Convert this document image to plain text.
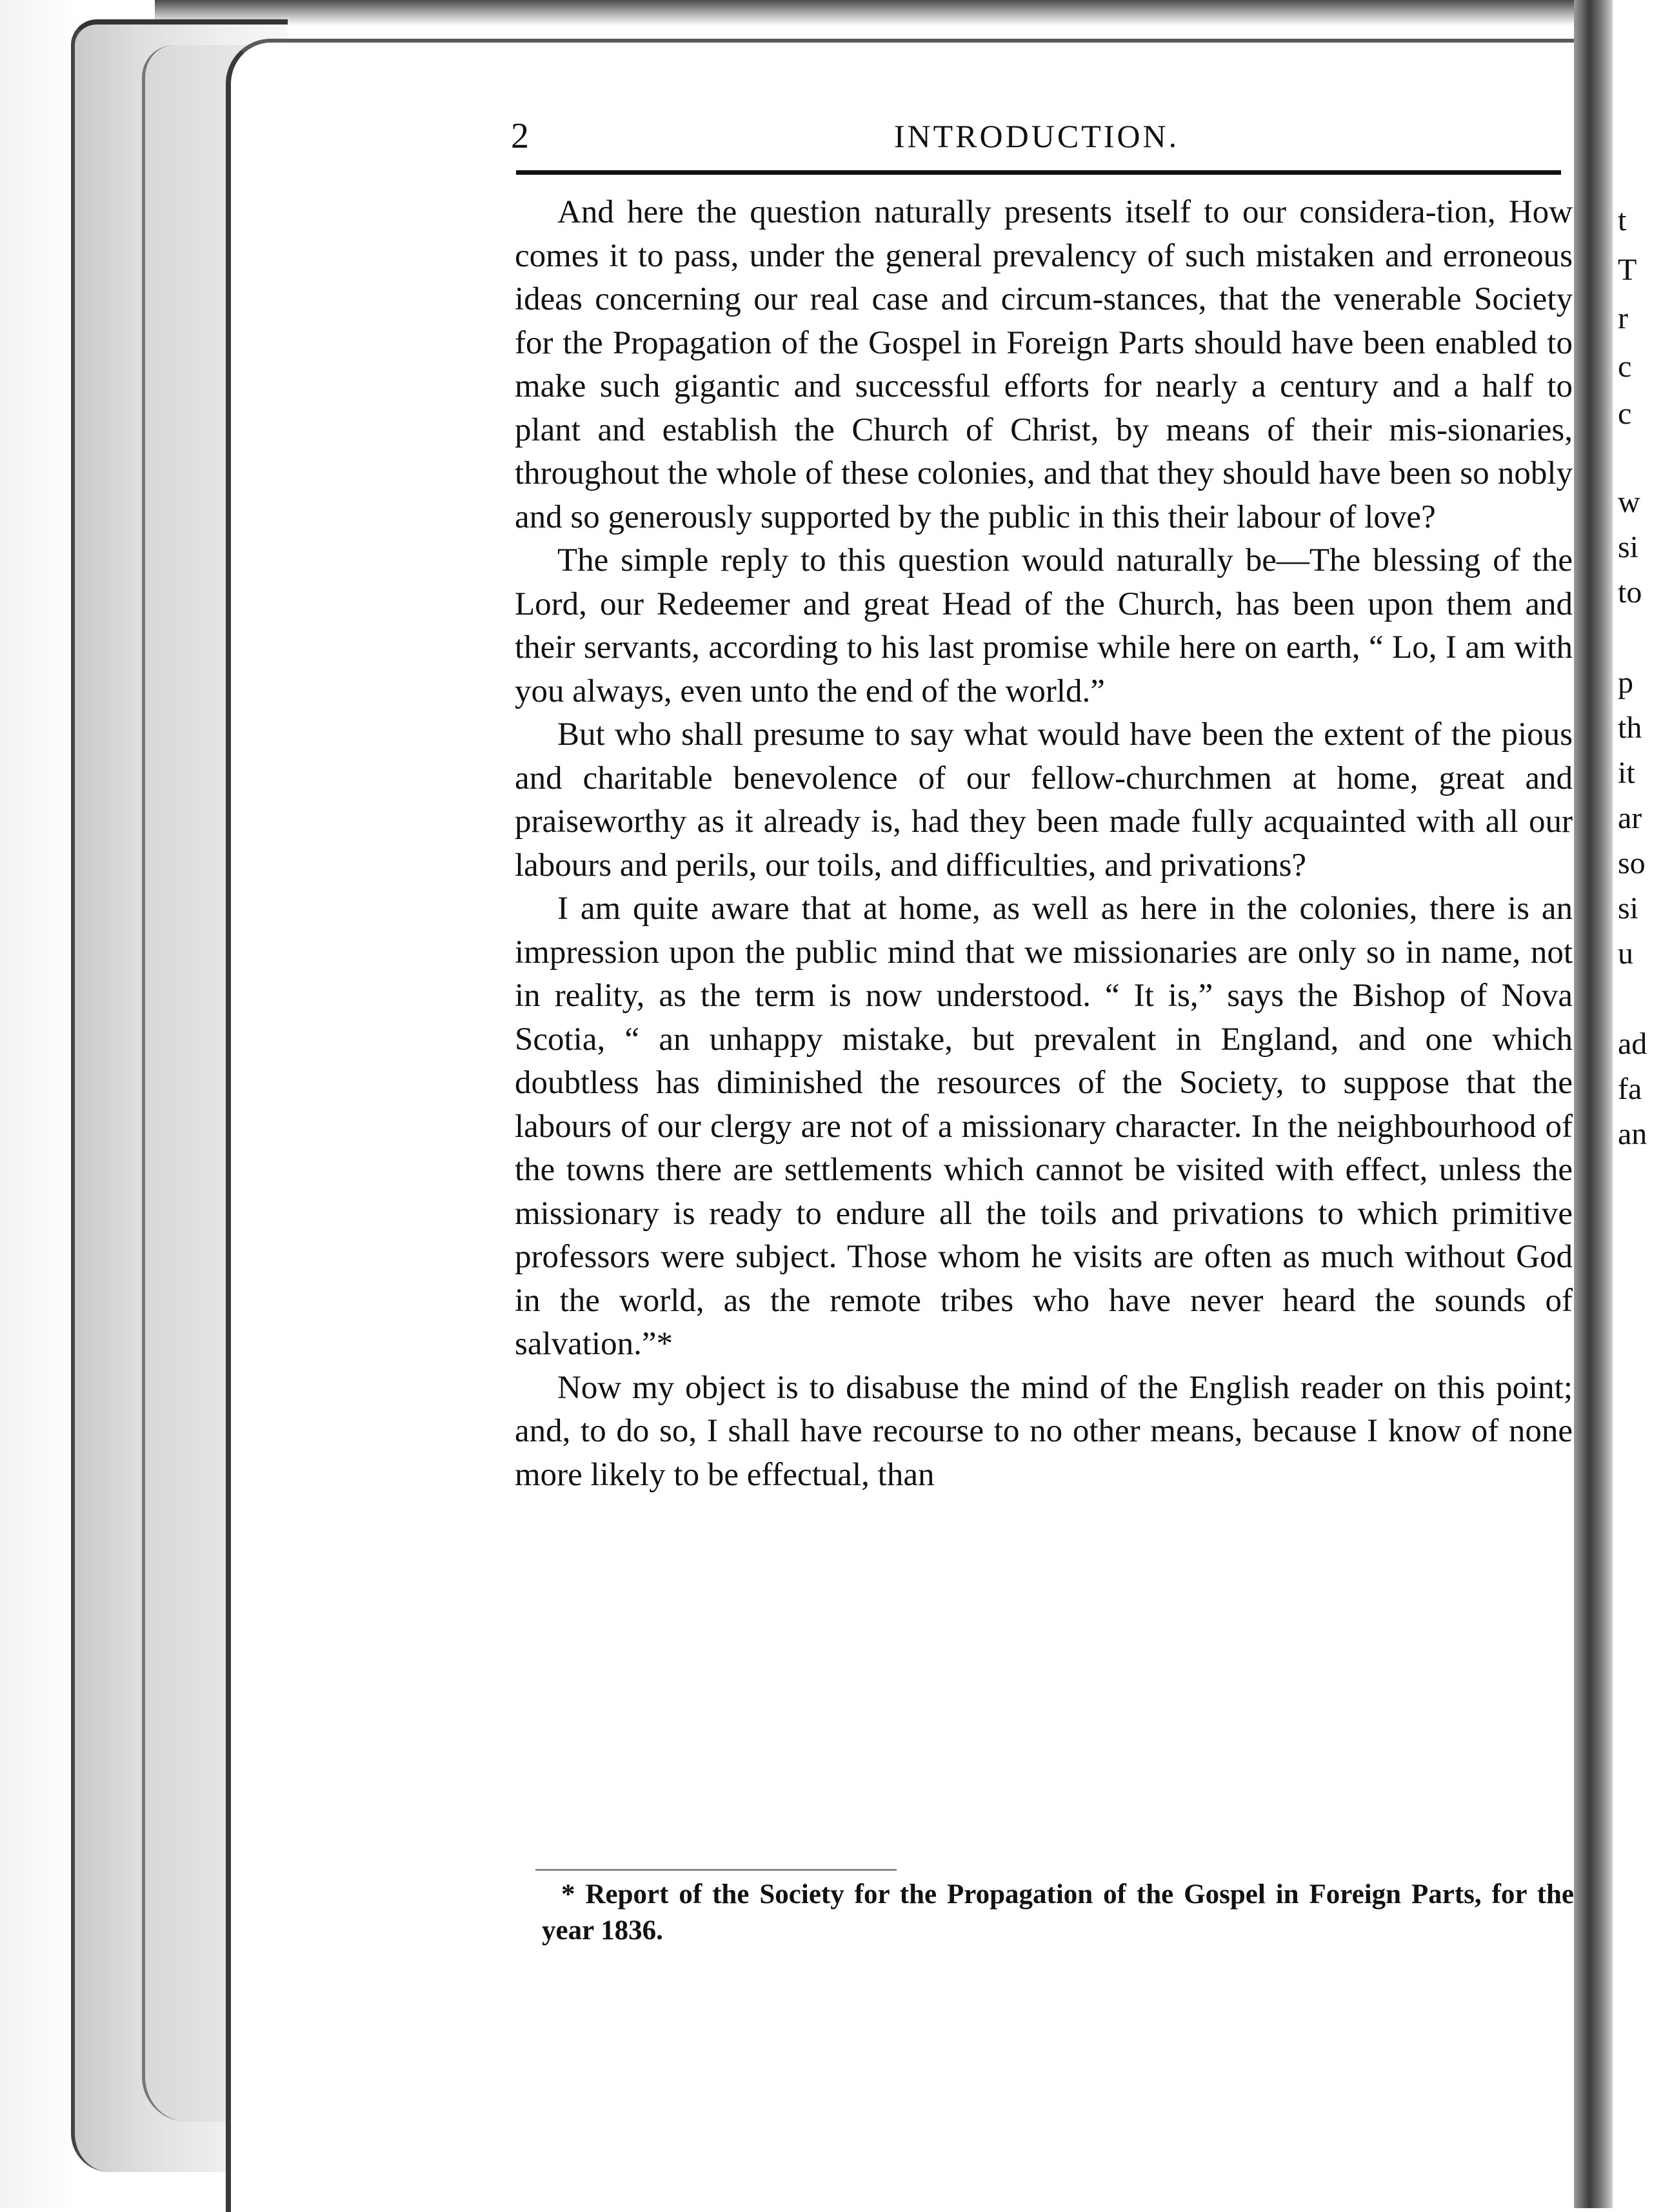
t
T
r
c
c
w
si
to
p
th
it
ar
so
si
u
ad
fa
an
2	INTRODUCTION.

And here the question naturally presents itself to our considera-tion, How comes it to pass, under the general prevalency of such mistaken and erroneous ideas concerning our real case and circum-stances, that the venerable Society for the Propagation of the Gospel in Foreign Parts should have been enabled to make such gigantic and successful efforts for nearly a century and a half to plant and establish the Church of Christ, by means of their mis-sionaries, throughout the whole of these colonies, and that they should have been so nobly and so generously supported by the public in this their labour of love?

The simple reply to this question would naturally be—The blessing of the Lord, our Redeemer and great Head of the Church, has been upon them and their servants, according to his last promise while here on earth, “ Lo, I am with you always, even unto the end of the world.”

But who shall presume to say what would have been the extent of the pious and charitable benevolence of our fellow-churchmen at home, great and praiseworthy as it already is, had they been made fully acquainted with all our labours and perils, our toils, and difficulties, and privations?

I am quite aware that at home, as well as here in the colonies, there is an impression upon the public mind that we missionaries are only so in name, not in reality, as the term is now understood. “ It is,” says the Bishop of Nova Scotia, “ an unhappy mistake, but prevalent in England, and one which doubtless has diminished the resources of the Society, to suppose that the labours of our clergy are not of a missionary character. In the neighbourhood of the towns there are settlements which cannot be visited with effect, unless the missionary is ready to endure all the toils and privations to which primitive professors were subject. Those whom he visits are often as much without God in the world, as the remote tribes who have never heard the sounds of salvation.”*

Now my object is to disabuse the mind of the English reader on this point; and, to do so, I shall have recourse to no other means, because I know of none more likely to be effectual, than

* Report of the Society for the Propagation of the Gospel in Foreign Parts, for the year 1836.
